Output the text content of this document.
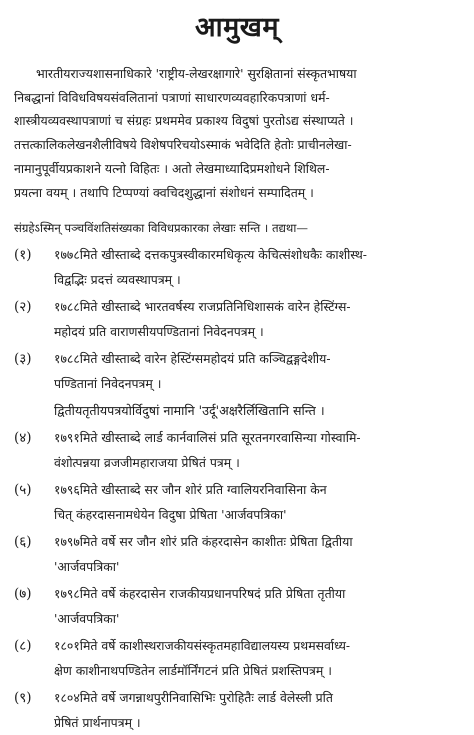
आमुखम्

भारतीयराज्यशासनाधिकारे 'राष्ट्रीय-लेखरक्षागारे' सुरक्षितानां संस्कृतभाषया

निबद्धानां विविधविषयसंवलितानां पत्राणां साधारणव्यवहारिकपत्राणां धर्म-

शास्त्रीयव्यवस्थापत्राणां च संग्रहः प्रथममेव प्रकाश्य विदुषां पुरतोऽद्य संस्थाप्यते ।

तत्तत्कालिकलेखनशैलीविषये विशेषपरिचयोऽस्माकं भवेदिति हेतोः प्राचीनलेखा-

नामानुपूर्वीयप्रकाशने यत्नो विहितः । अतो लेखमाध्यादिप्रमशोधने शिथिल-

प्रयत्ना वयम् । तथापि टिप्पण्यां क्वचिदशुद्धानां संशोधनं सम्पादितम् ।

संग्रहेऽस्मिन् पञ्चविंशतिसंख्यका विविधप्रकारका लेखाः सन्ति । तद्यथा—
(१)	१७७८मिते खीस्ताब्दे दत्तकपुत्रस्वीकारमधिकृत्य केचित्संशोधकैः काशीस्थ-
विद्वद्भिः प्रदत्तं व्यवस्थापत्रम् ।
(२)	१७८८मिते खीस्ताब्दे भारतवर्षस्य राजप्रतिनिधिशासकं वारेन हेस्टिंग्स-
महोदयं प्रति वाराणसीयपण्डितानां निवेदनपत्रम् ।
(३)	१७८८मिते खीस्ताब्दे वारेन हेस्टिंग्समहोदयं प्रति कञ्चिद्वङ्गदेशीय-
पण्डितानां निवेदनपत्रम् ।
द्वितीयतृतीयपत्रयोर्विदुषां नामानि 'उर्दू'अक्षरैर्लिखितानि सन्ति ।
(४)	१७९१मिते खीस्ताब्दे लार्ड कार्नवालिसं प्रति सूरतनगरवासिन्या गोस्वामि-
वंशोत्पन्नया व्रजजीमहाराजया प्रेषितं पत्रम् ।
(५)	१७९६मिते खीस्ताब्दे सर जौन शोरं प्रति ग्वालियरनिवासिना केन
चित् कंहरदासनामधेयेन विदुषा प्रेषिता 'आर्जवपत्रिका'
(६)	१७९७मिते वर्षे सर जौन शोरं प्रति कंहरदासेन काशीतः प्रेषिता द्वितीया
'आर्जवपत्रिका'
(७)	१७९८मिते वर्षे कंहरदासेन राजकीयप्रधानपरिषदं प्रति प्रेषिता तृतीया
'आर्जवपत्रिका'
(८)	१८०१मिते वर्षे काशीस्थराजकीयसंस्कृतमहाविद्यालयस्य प्रथमसर्वाध्य-
क्षेण काशीनाथपण्डितेन लार्डमॉर्निंगटनं प्रति प्रेषितं प्रशस्तिपत्रम् ।
(९)	१८०४मिते वर्षे जगन्नाथपुरीनिवासिभिः पुरोहितैः लार्ड वेलेस्ली प्रति
प्रेषितं प्रार्थनापत्रम् ।
